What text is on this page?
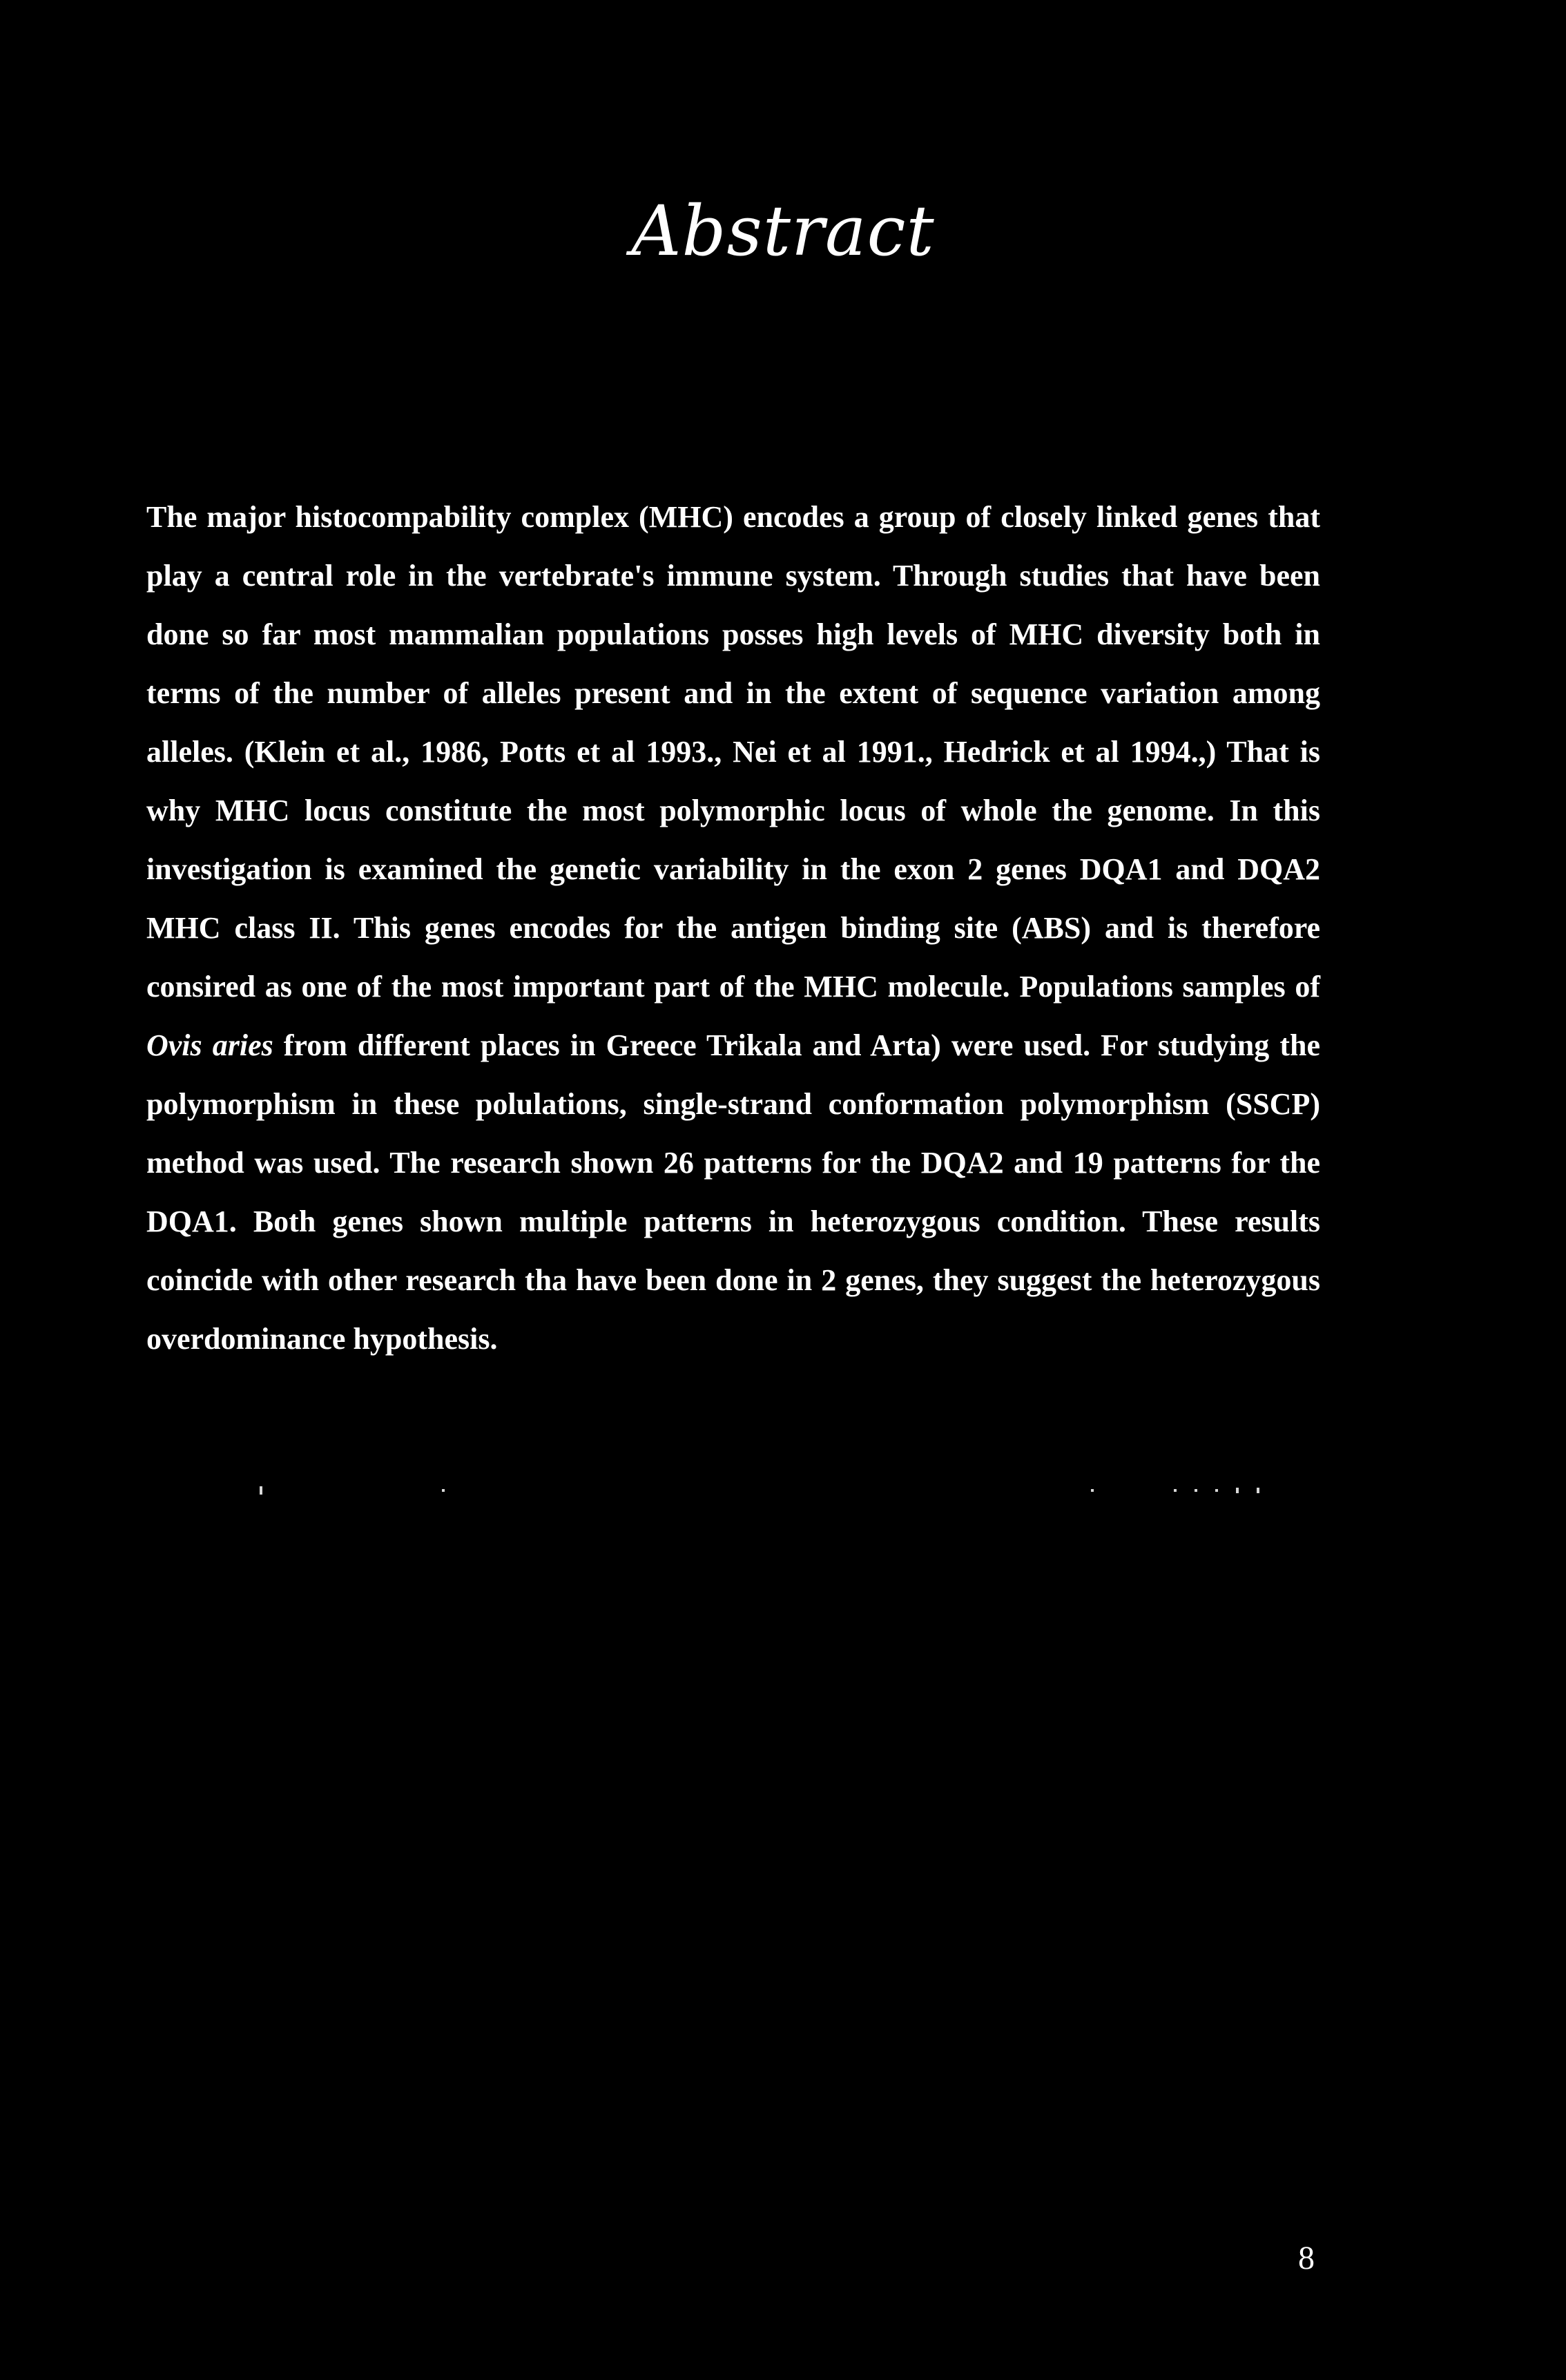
Abstract

The major histocompability complex (MHC) encodes a group of closely linked genes that play a central role in the vertebrate's immune system. Through studies that have been done so far most mammalian populations posses high levels of MHC diversity both in terms of the number of alleles present and in the extent of sequence variation among alleles. (Klein et al., 1986, Potts et al 1993., Nei et al 1991., Hedrick et al 1994.,) That is why MHC locus constitute the most polymorphic locus of whole the genome. In this investigation is examined the genetic variability in the exon 2 genes DQA1 and DQA2 MHC class II. This genes encodes for the antigen binding site (ABS) and is therefore consired as one of the most important part of the MHC molecule. Populations samples of Ovis aries from different places in Greece Trikala and Arta) were used. For studying the polymorphism in these polulations, single-strand conformation polymorphism (SSCP) method was used. The research shown 26 patterns for the DQA2 and 19 patterns for the DQA1. Both genes shown multiple patterns in heterozygous condition. These results coincide with other research tha have been done in 2 genes, they suggest the heterozygous overdominance hypothesis.

8
